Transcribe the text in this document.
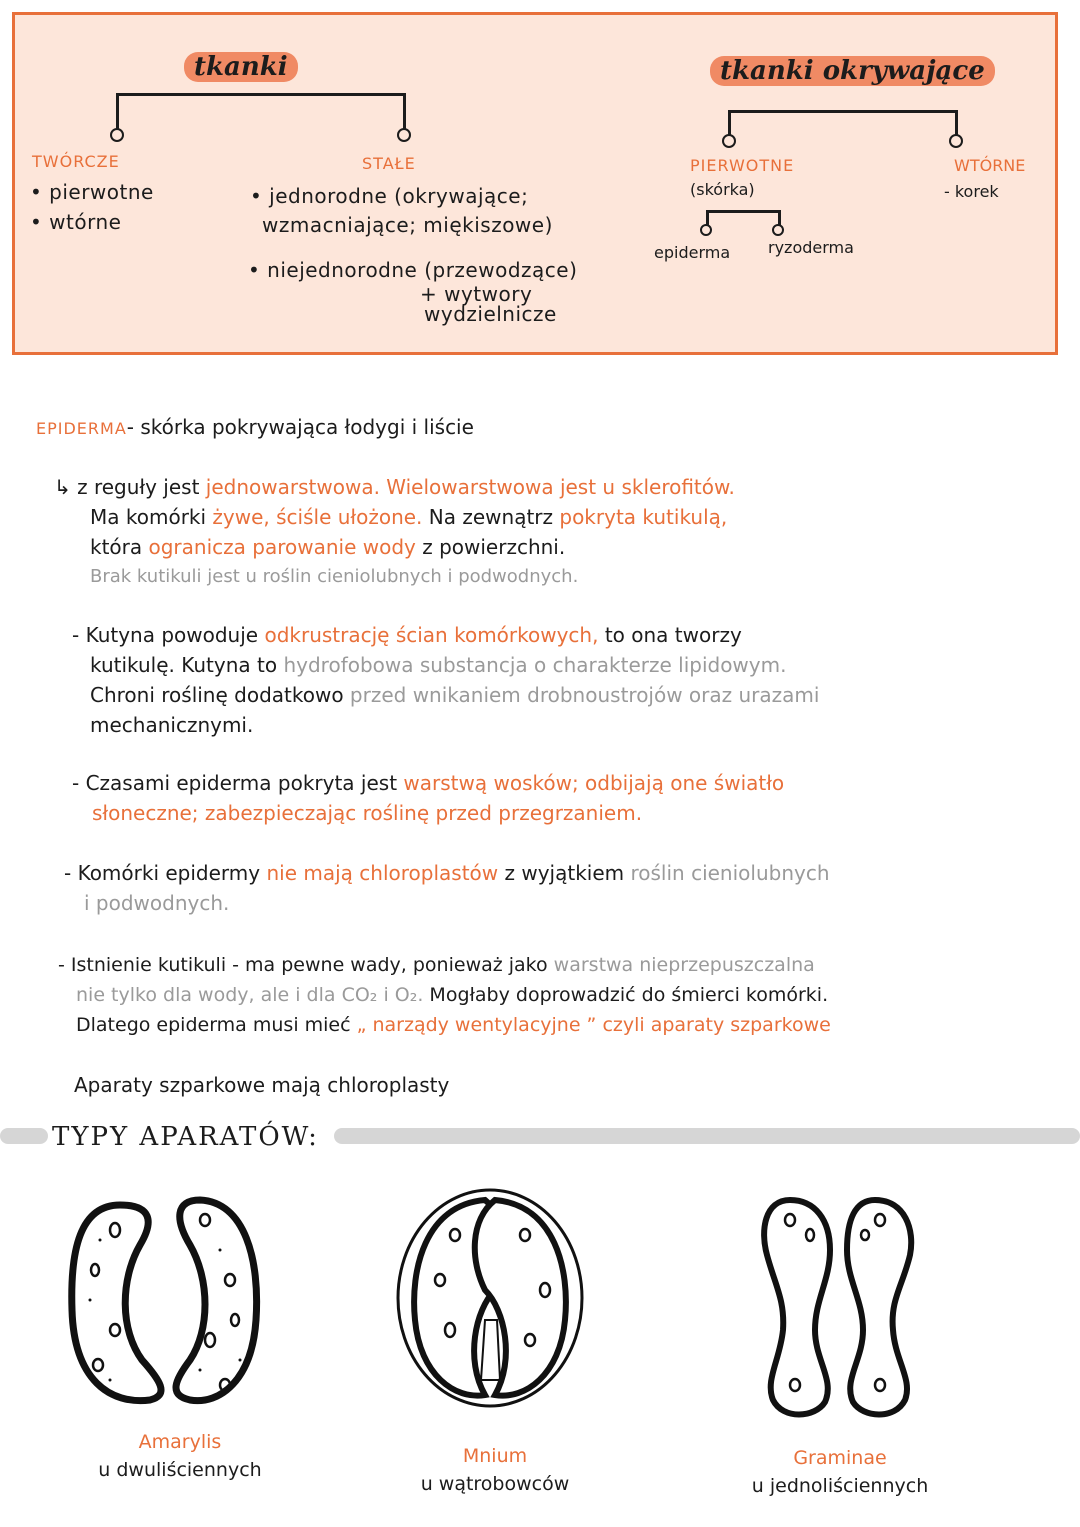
tkanki
TWÓRCZE
• pierwotne
• wtórne
STAŁE
• jednorodne (okrywające;
wzmacniające; miękiszowe)
• niejednorodne (przewodzące)
+ wytwory
wydzielnicze
tkanki okrywające
PIERWOTNE
(skórka)
epiderma ryzoderma
WTÓRNE
- korek
EPIDERMA- skórka pokrywająca łodygi i liście
↳ z reguły jest jednowarstwowa. Wielowarstwowa jest u sklerofitów.
Ma komórki żywe, ściśle ułożone. Na zewnątrz pokryta kutikulą,
która ogranicza parowanie wody z powierzchni.
Brak kutikuli jest u roślin cieniolubnych i podwodnych.
- Kutyna powoduje odkrustrację ścian komórkowych, to ona tworzy
kutikulę. Kutyna to hydrofobowa substancja o charakterze lipidowym.
Chroni roślinę dodatkowo przed wnikaniem drobnoustrojów oraz urazami
mechanicznymi.
- Czasami epiderma pokryta jest warstwą wosków; odbijają one światło
słoneczne; zabezpieczając roślinę przed przegrzaniem.
- Komórki epidermy nie mają chloroplastów z wyjątkiem roślin cieniolubnych
i podwodnych.
- Istnienie kutikuli - ma pewne wady, ponieważ jako warstwa nieprzepuszczalna
nie tylko dla wody, ale i dla CO₂ i O₂. Mogłaby doprowadzić do śmierci komórki.
Dlatego epiderma musi mieć „ narządy wentylacyjne ” czyli aparaty szparkowe
Aparaty szparkowe mają chloroplasty
TYPY APARATÓW:
Amarylis
u dwuliściennych
Mnium
u wątrobowców
Graminae
u jednoliściennych
